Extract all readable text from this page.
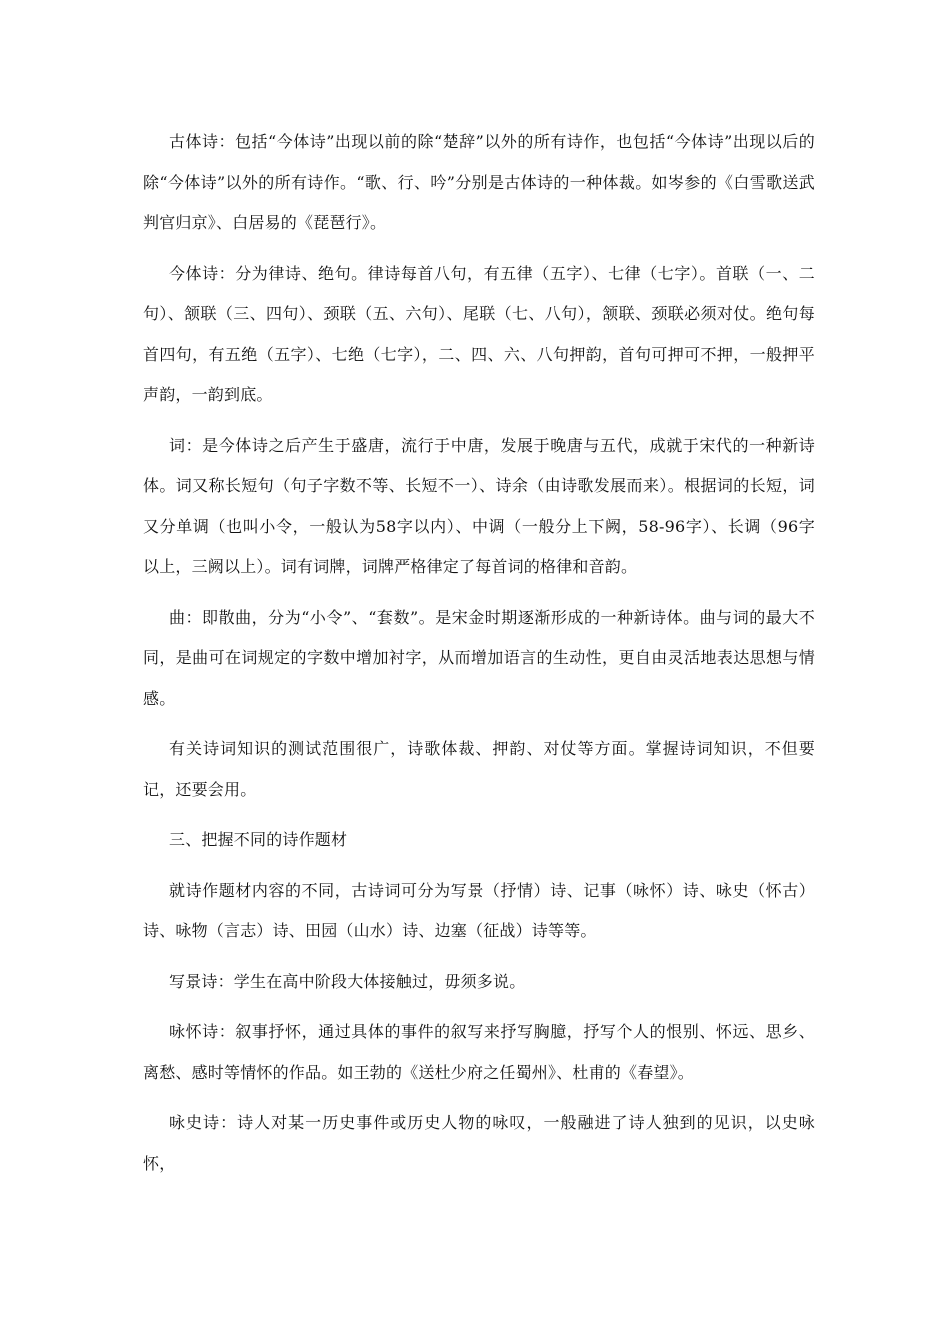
古体诗：包括“今体诗”出现以前的除“楚辞”以外的所有诗作，也包括“今体诗”出现以后的除“今体诗”以外的所有诗作。“歌、行、吟”分别是古体诗的一种体裁。如岑参的《白雪歌送武判官归京》、白居易的《琵琶行》。

今体诗：分为律诗、绝句。律诗每首八句，有五律（五字）、七律（七字）。首联（一、二句）、颔联（三、四句）、颈联（五、六句）、尾联（七、八句），颔联、颈联必须对仗。绝句每首四句，有五绝（五字）、七绝（七字），二、四、六、八句押韵，首句可押可不押，一般押平声韵，一韵到底。

词：是今体诗之后产生于盛唐，流行于中唐，发展于晚唐与五代，成就于宋代的一种新诗体。词又称长短句（句子字数不等、长短不一）、诗余（由诗歌发展而来）。根据词的长短，词又分单调（也叫小令，一般认为58字以内）、中调（一般分上下阙，58-96字）、长调（96字以上，三阙以上）。词有词牌，词牌严格律定了每首词的格律和音韵。

曲：即散曲，分为“小令”、“套数”。是宋金时期逐渐形成的一种新诗体。曲与词的最大不同，是曲可在词规定的字数中增加衬字，从而增加语言的生动性，更自由灵活地表达思想与情感。

有关诗词知识的测试范围很广，诗歌体裁、押韵、对仗等方面。掌握诗词知识，不但要记，还要会用。

三、把握不同的诗作题材

就诗作题材内容的不同，古诗词可分为写景（抒情）诗、记事（咏怀）诗、咏史（怀古）诗、咏物（言志）诗、田园（山水）诗、边塞（征战）诗等等。

写景诗：学生在高中阶段大体接触过，毋须多说。

咏怀诗：叙事抒怀，通过具体的事件的叙写来抒写胸臆，抒写个人的恨别、怀远、思乡、离愁、感时等情怀的作品。如王勃的《送杜少府之任蜀州》、杜甫的《春望》。

咏史诗：诗人对某一历史事件或历史人物的咏叹，一般融进了诗人独到的见识，以史咏怀，
